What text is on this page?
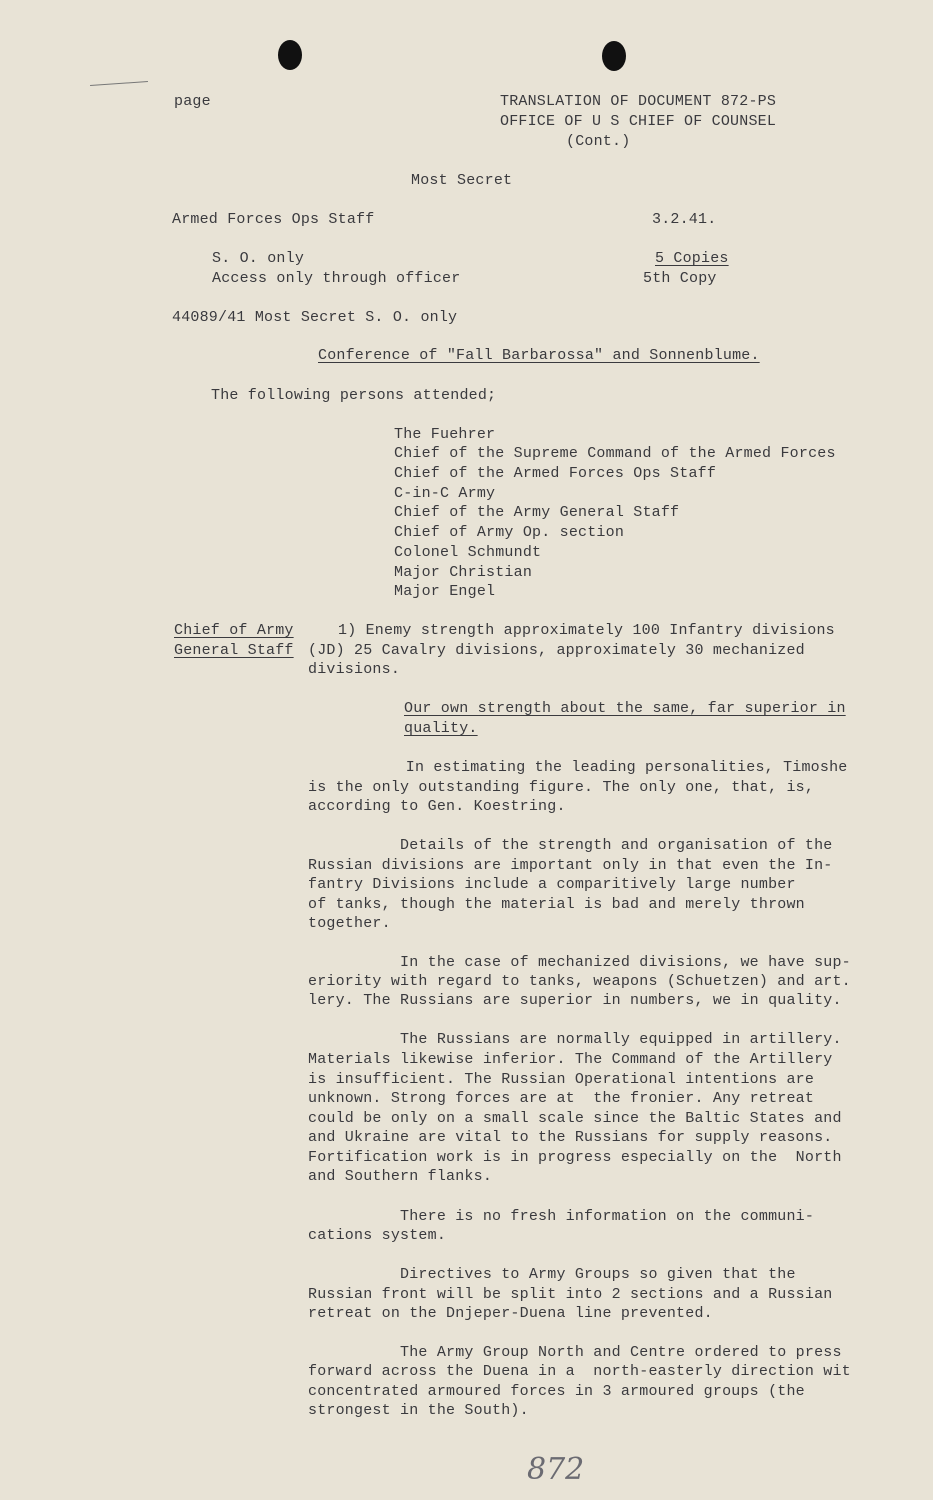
page	TRANSLATION OF DOCUMENT 872-PS
OFFICE OF U S CHIEF OF COUNSEL
(Cont.)
Most Secret
Armed Forces Ops Staff	3.2.41.
S. O. only	5 Copies
Access only through officer	5th Copy
44089/41 Most Secret S. O. only
Conference of "Fall Barbarossa" and Sonnenblume.
The following persons attended;
The Fuehrer
Chief of the Supreme Command of the Armed Forces
Chief of the Armed Forces Ops Staff
C-in-C Army
Chief of the Army General Staff
Chief of Army Op. section
Colonel Schmundt
Major Christian
Major Engel
Chief of Army
General Staff
1) Enemy strength approximately 100 Infantry divisions
(JD) 25 Cavalry divisions, approximately 30 mechanized
divisions.
Our own strength about the same, far superior in
quality.
In estimating the leading personalities, Timoshe
is the only outstanding figure. The only one, that, is,
according to Gen. Koestring.
Details of the strength and organisation of the
Russian divisions are important only in that even the In-
fantry Divisions include a comparitively large number
of tanks, though the material is bad and merely thrown
together.
In the case of mechanized divisions, we have sup-
eriority with regard to tanks, weapons (Schuetzen) and art.
lery. The Russians are superior in numbers, we in quality.
The Russians are normally equipped in artillery.
Materials likewise inferior. The Command of the Artillery
is insufficient. The Russian Operational intentions are
unknown. Strong forces are at  the fronier. Any retreat
could be only on a small scale since the Baltic States and
and Ukraine are vital to the Russians for supply reasons.
Fortification work is in progress especially on the  North
and Southern flanks.
There is no fresh information on the communi-
cations system.
Directives to Army Groups so given that the
Russian front will be split into 2 sections and a Russian
retreat on the Dnjeper-Duena line prevented.
The Army Group North and Centre ordered to press
forward across the Duena in a  north-easterly direction wit
concentrated armoured forces in 3 armoured groups (the
strongest in the South).
872
